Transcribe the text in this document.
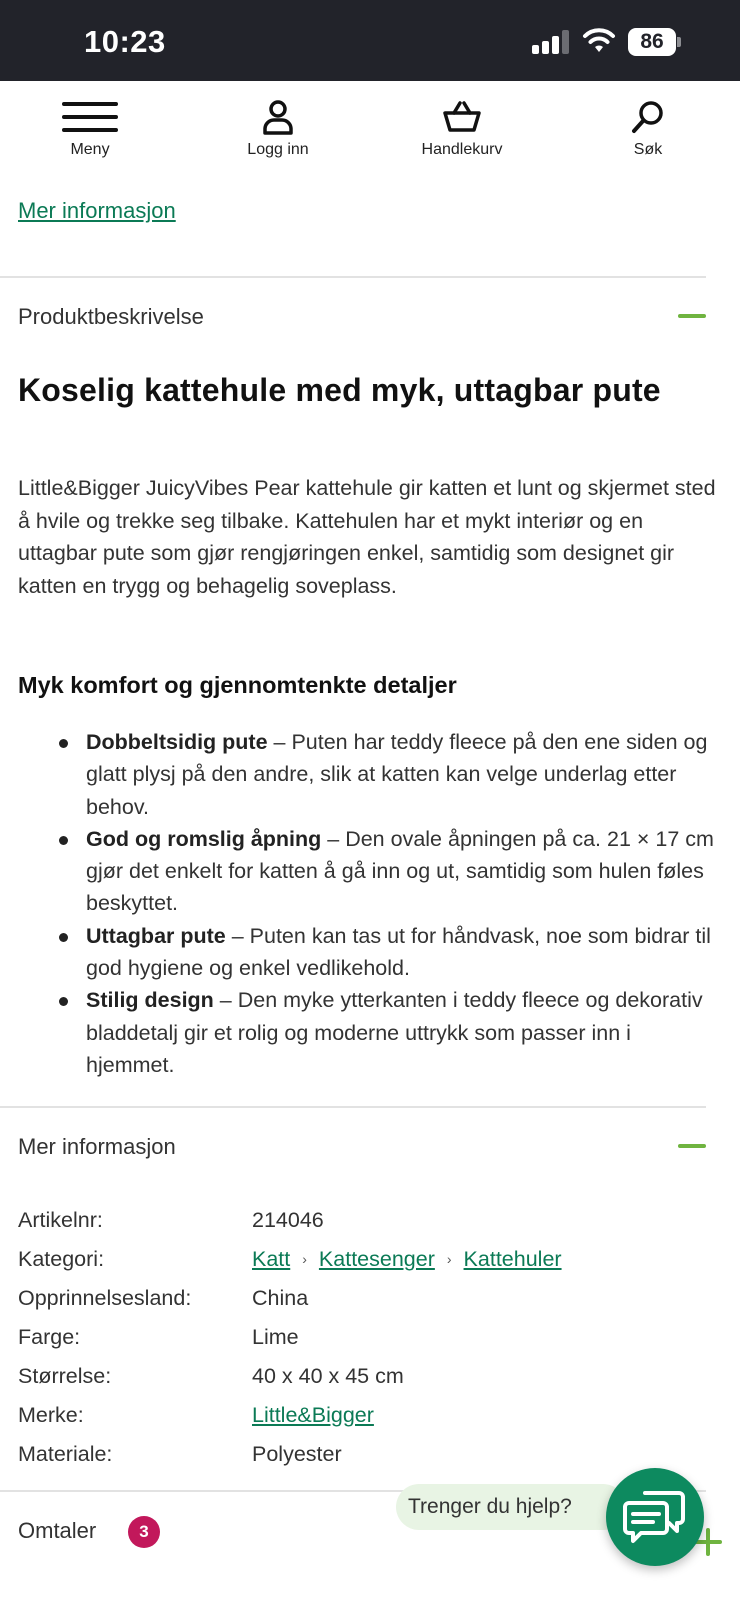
10:23	86
Meny	Logg inn	Handlekurv	Søk
Mer informasjon
Produktbeskrivelse
Koselig kattehule med myk, uttagbar pute
Little&Bigger JuicyVibes Pear kattehule gir katten et lunt og skjermet sted å hvile og trekke seg tilbake. Kattehulen har et mykt interiør og en uttagbar pute som gjør rengjøringen enkel, samtidig som designet gir katten en trygg og behagelig soveplass.
Myk komfort og gjennomtenkte detaljer
Dobbeltsidig pute – Puten har teddy fleece på den ene siden og glatt plysj på den andre, slik at katten kan velge underlag etter behov.
God og romslig åpning – Den ovale åpningen på ca. 21 × 17 cm gjør det enkelt for katten å gå inn og ut, samtidig som hulen føles beskyttet.
Uttagbar pute – Puten kan tas ut for håndvask, noe som bidrar til god hygiene og enkel vedlikehold.
Stilig design – Den myke ytterkanten i teddy fleece og dekorativ bladdetalj gir et rolig og moderne uttrykk som passer inn i hjemmet.
Mer informasjon
Artikelnr:	214046
Kategori:	Katt › Kattesenger › Kattehuler
Opprinnelsesland:	China
Farge:	Lime
Størrelse:	40 x 40 x 45 cm
Merke:	Little&Bigger
Materiale:	Polyester
Omtaler	3
Trenger du hjelp?
